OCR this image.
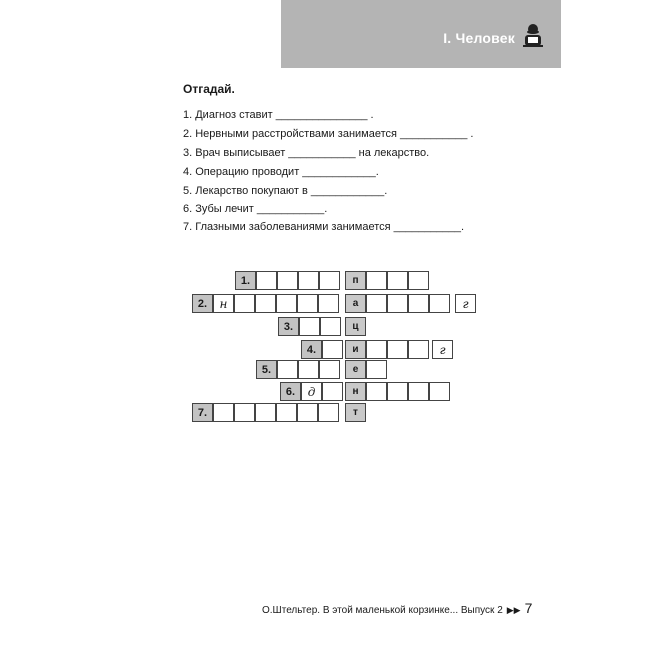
I. Человек
Отгадай.
1. Диагноз ставит _______________ .
2. Нервными расстройствами занимается ___________ .
3. Врач выписывает ___________ на лекарство.
4. Операцию проводит ____________.
5. Лекарство покупают в ____________.
6. Зубы лечит ___________.
7. Глазными заболеваниями занимается ___________.
1.	п
2.	н	а	г
3.	ц
4.	и	г
5.	е
6.	д	н
7.	т
О.Штельтер. В этой маленькой корзинке... Выпуск 2 ▶▶ 7
